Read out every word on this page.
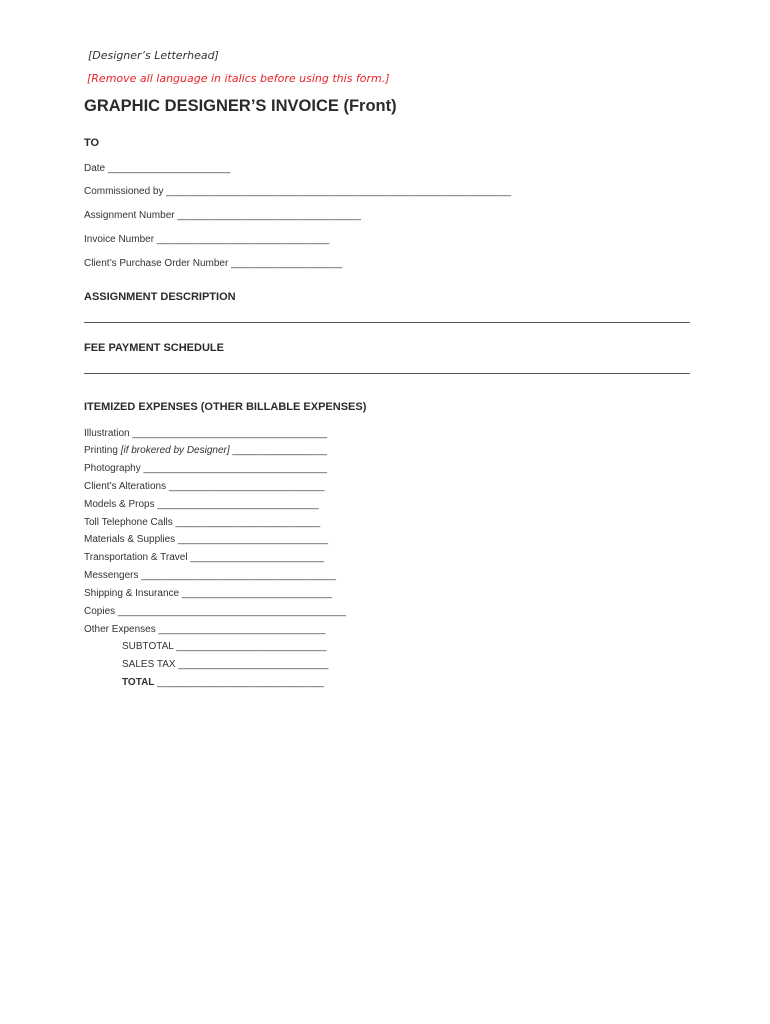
[Designer’s Letterhead]
[Remove all language in italics before using this form.]
GRAPHIC DESIGNER’S INVOICE (Front)
TO
Date ______________________
Commissioned by ______________________________________________________________
Assignment Number _________________________________
Invoice Number _______________________________
Client’s Purchase Order Number ____________________
ASSIGNMENT DESCRIPTION
FEE PAYMENT SCHEDULE
ITEMIZED EXPENSES (OTHER BILLABLE EXPENSES)
Illustration ___________________________________
Printing [if brokered by Designer] _________________
Photography _________________________________
Client’s Alterations ____________________________
Models & Props _____________________________
Toll Telephone Calls __________________________
Materials & Supplies ___________________________
Transportation & Travel ________________________
Messengers ___________________________________
Shipping & Insurance ___________________________
Copies _________________________________________
Other Expenses ______________________________
SUBTOTAL ___________________________
SALES TAX ___________________________
TOTAL ______________________________
